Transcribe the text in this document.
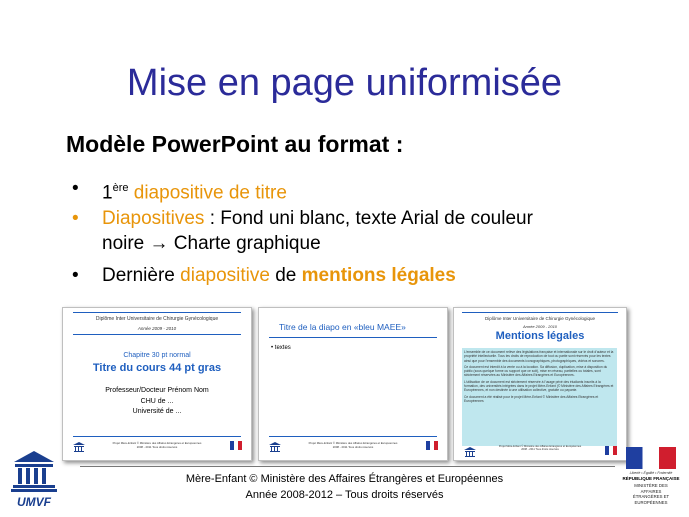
Mise en page uniformisée
Modèle PowerPoint au format :
• 1ère diapositive de titre
• Diapositives : Fond uni blanc, texte Arial de couleur
noire → Charte graphique
• Dernière diapositive de mentions légales
Diplôme Inter Universitaire de Chirurgie Gynécologique
Année 2009 - 2010
Chapitre 30 pt normal
Titre du cours 44 pt gras
Professeur/Docteur Prénom Nom
CHU de ...
Université de ...
Projet Mère-Enfant © Ministère des Affaires Etrangères et Européennes
2008 - 2011 Tous droits réservés
Titre de la diapo en «bleu MAEE»
• textes
Projet Mère-Enfant © Ministère des Affaires Etrangères et Européennes
2008 - 2011 Tous droits réservés
Diplôme Inter Universitaire de Chirurgie Gynécologique
Année 2009 - 2010
Mentions légales
L'ensemble de ce document relève des législations française et internationale sur le droit d'auteur et la propriété intellectuelle. Tous les droits de reproduction de tout ou partie sont réservés pour les textes ainsi que pour l'ensemble des documents iconographiques, photographiques, vidéos et sonores.
Ce document est interdit à la vente ou à la location. Sa diffusion, duplication, mise à disposition du public (sous quelque forme ou support que ce soit), mise en réseau, partielles ou totales, sont strictement réservées au Ministère des Affaires Etrangères et Européennes.
L'utilisation de ce document est strictement réservée à l'usage privé des étudiants inscrits à la formation, des universités intégrées dans le projet Mère-Enfant (© Ministère des Affaires Etrangères et Européennes, et non destinée à une utilisation collective, gratuite ou payante.
Ce document a été réalisé pour le projet Mère-Enfant © Ministère des Affaires Etrangères et Européennes
Projet Mère-Enfant © Ministère des Affaires Etrangères et Européennes
2008 - 2011 Tous droits réservés
Mère-Enfant © Ministère des Affaires Étrangères et Européennes
Année 2008-2012 – Tous droits réservés
UMVF
Liberté • Égalité • Fraternité
RÉPUBLIQUE FRANÇAISE
MINISTÈRE DES AFFAIRES ÉTRANGÈRES ET EUROPÉENNES
